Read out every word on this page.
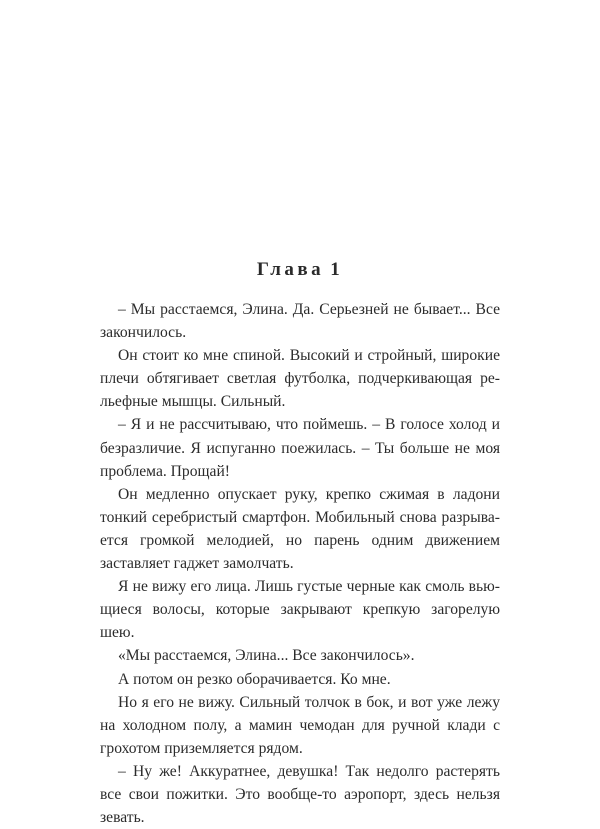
Глава 1

– Мы расстаемся, Элина. Да. Серьезней не бывает... Все закончилось.

Он стоит ко мне спиной. Высокий и стройный, широкие плечи обтягивает светлая футболка, подчеркивающая рельефные мышцы. Сильный.

– Я и не рассчитываю, что поймешь. – В голосе холод и безразличие. Я испуганно поежилась. – Ты больше не моя проблема. Прощай!

Он медленно опускает руку, крепко сжимая в ладони тонкий серебристый смартфон. Мобильный снова разрывается громкой мелодией, но парень одним движением заставляет гаджет замолчать.

Я не вижу его лица. Лишь густые черные как смоль вьющиеся волосы, которые закрывают крепкую загорелую шею.

«Мы расстаемся, Элина... Все закончилось».

А потом он резко оборачивается. Ко мне.

Но я его не вижу. Сильный толчок в бок, и вот уже лежу на холодном полу, а мамин чемодан для ручной клади с грохотом приземляется рядом.

– Ну же! Аккуратнее, девушка! Так недолго растерять все свои пожитки. Это вообще-то аэропорт, здесь нельзя зевать.
